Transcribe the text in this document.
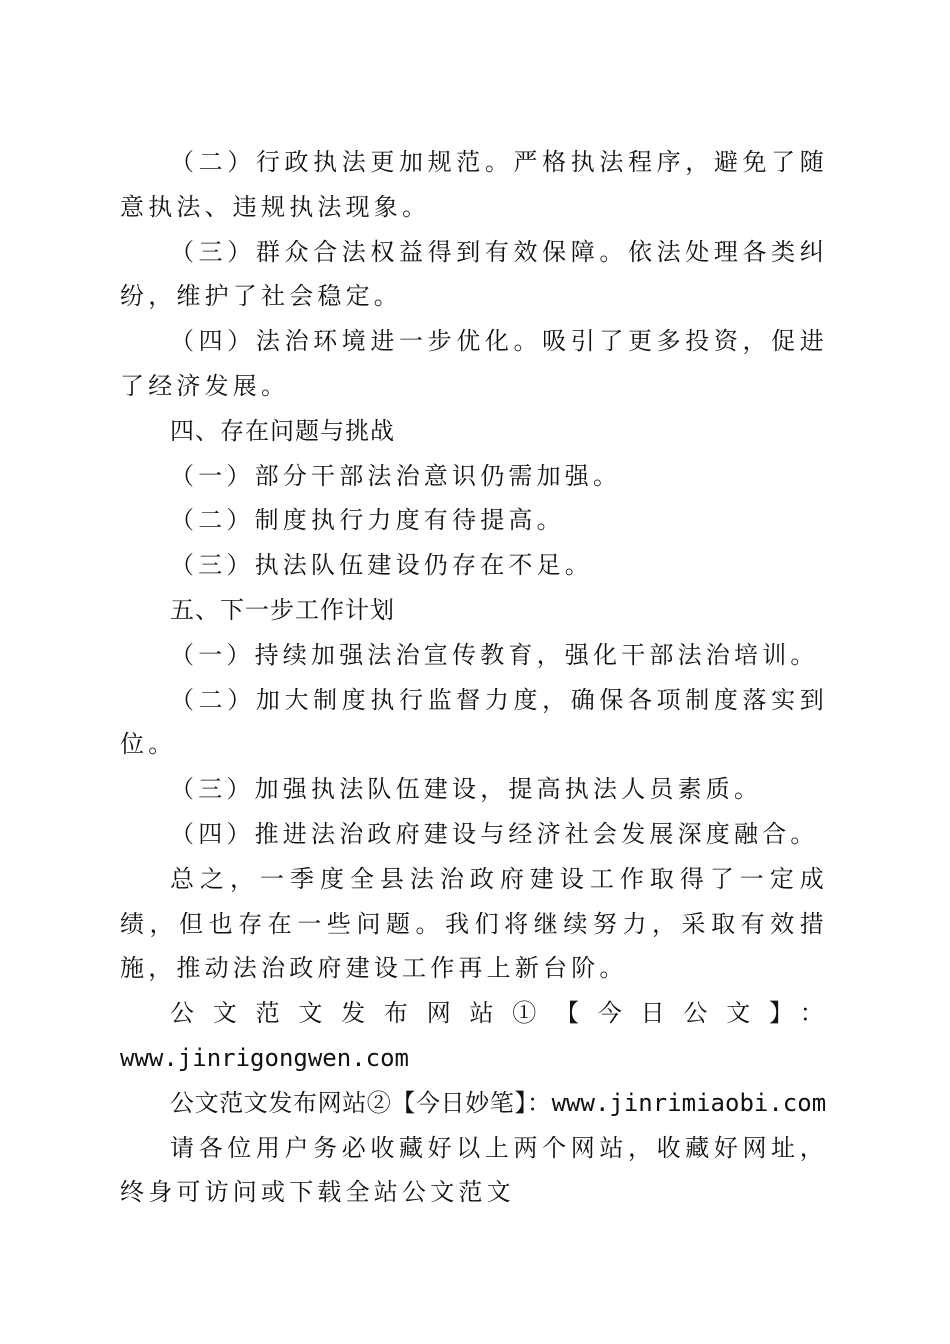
（二）行政执法更加规范。严格执法程序，避免了随意执法、违规执法现象。

（三）群众合法权益得到有效保障。依法处理各类纠纷，维护了社会稳定。

（四）法治环境进一步优化。吸引了更多投资，促进了经济发展。

四、存在问题与挑战

（一）部分干部法治意识仍需加强。

（二）制度执行力度有待提高。

（三）执法队伍建设仍存在不足。

五、下一步工作计划

（一）持续加强法治宣传教育，强化干部法治培训。

（二）加大制度执行监督力度，确保各项制度落实到位。

（三）加强执法队伍建设，提高执法人员素质。

（四）推进法治政府建设与经济社会发展深度融合。

总之，一季度全县法治政府建设工作取得了一定成绩，但也存在一些问题。我们将继续努力，采取有效措施，推动法治政府建设工作再上新台阶。

公文范文发布网站①【今日公文】：

www.jinrigongwen.com

公文范文发布网站②【今日妙笔】：www.jinrimiaobi.com

请各位用户务必收藏好以上两个网站，收藏好网址，终身可访问或下载全站公文范文
